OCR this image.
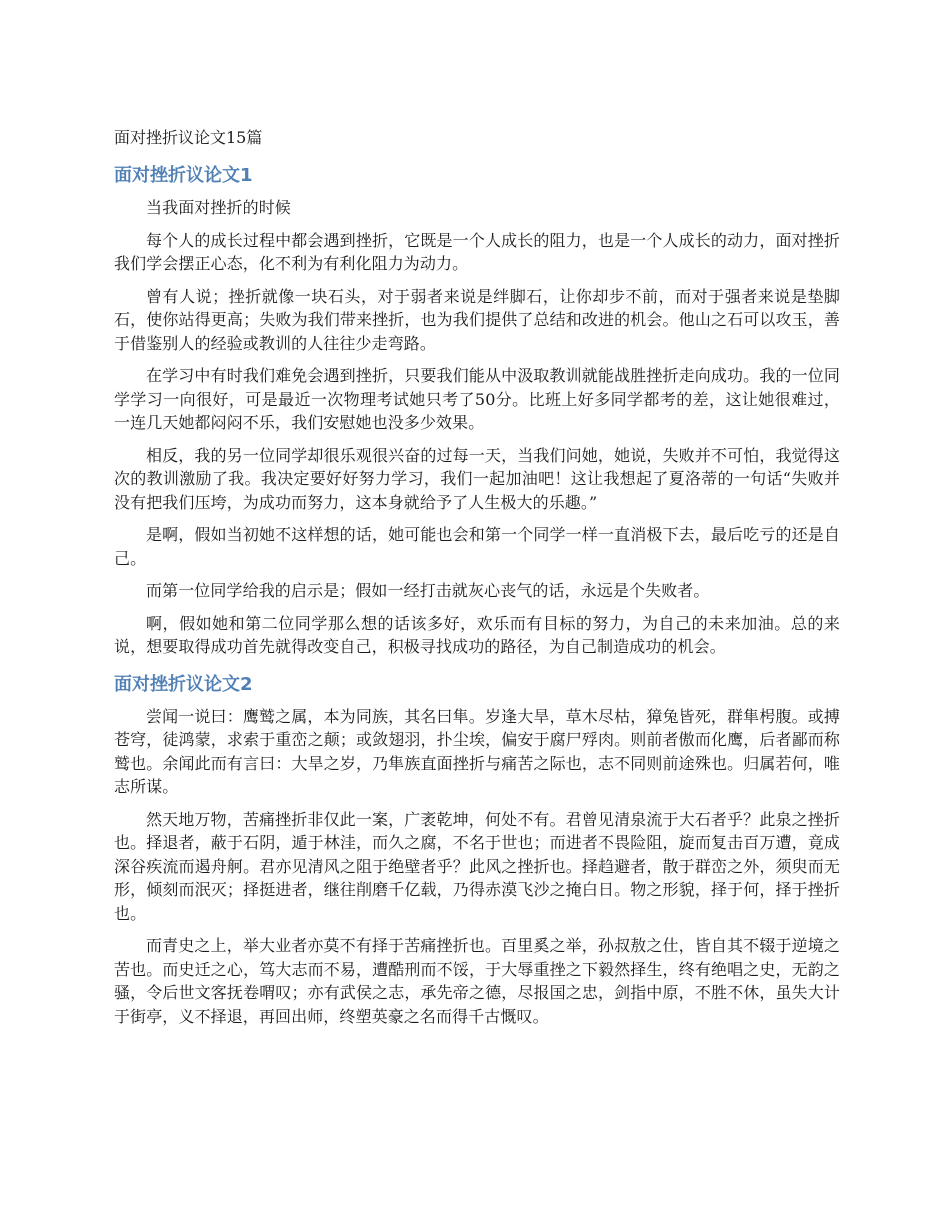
面对挫折议论文15篇

面对挫折议论文1

当我面对挫折的时候

每个人的成长过程中都会遇到挫折，它既是一个人成长的阻力，也是一个人成长的动力，面对挫折我们学会摆正心态，化不利为有利化阻力为动力。

曾有人说；挫折就像一块石头，对于弱者来说是绊脚石，让你却步不前，而对于强者来说是垫脚石，使你站得更高；失败为我们带来挫折，也为我们提供了总结和改进的机会。他山之石可以攻玉，善于借鉴别人的经验或教训的人往往少走弯路。

在学习中有时我们难免会遇到挫折，只要我们能从中汲取教训就能战胜挫折走向成功。我的一位同学学习一向很好，可是最近一次物理考试她只考了50分。比班上好多同学都考的差，这让她很难过，一连几天她都闷闷不乐，我们安慰她也没多少效果。

相反，我的另一位同学却很乐观很兴奋的过每一天，当我们问她，她说，失败并不可怕，我觉得这次的教训激励了我。我决定要好好努力学习，我们一起加油吧！这让我想起了夏洛蒂的一句话“失败并没有把我们压垮，为成功而努力，这本身就给予了人生极大的乐趣。”

是啊，假如当初她不这样想的话，她可能也会和第一个同学一样一直消极下去，最后吃亏的还是自己。

而第一位同学给我的启示是；假如一经打击就灰心丧气的话，永远是个失败者。

啊，假如她和第二位同学那么想的话该多好，欢乐而有目标的努力，为自己的未来加油。总的来说，想要取得成功首先就得改变自己，积极寻找成功的路径，为自己制造成功的机会。

面对挫折议论文2

尝闻一说曰：鹰鹫之属，本为同族，其名曰隼。岁逢大旱，草木尽枯，獐兔皆死，群隼枵腹。或搏苍穹，徒鸿蒙，求索于重峦之颠；或敛翅羽，扑尘埃，偏安于腐尸殍肉。则前者傲而化鹰，后者鄙而称鹫也。余闻此而有言曰：大旱之岁，乃隼族直面挫折与痛苦之际也，志不同则前途殊也。归属若何，唯志所谋。

然天地万物，苦痛挫折非仅此一案，广袤乾坤，何处不有。君曾见清泉流于大石者乎？此泉之挫折也。择退者，蔽于石阴，遁于林洼，而久之腐，不名于世也；而进者不畏险阻，旋而复击百万遭，竟成深谷疾流而遏舟舸。君亦见清风之阻于绝壁者乎？此风之挫折也。择趋避者，散于群峦之外，须臾而无形，倾刻而泯灭；择挺进者，继往削磨千亿载，乃得赤漠飞沙之掩白日。物之形貌，择于何，择于挫折也。

而青史之上，举大业者亦莫不有择于苦痛挫折也。百里奚之举，孙叔敖之仕，皆自其不辍于逆境之苦也。而史迁之心，笃大志而不易，遭酷刑而不馁，于大辱重挫之下毅然择生，终有绝唱之史，无韵之骚，令后世文客抚卷喟叹；亦有武侯之志，承先帝之德，尽报国之忠，剑指中原，不胜不休，虽失大计于街亭，义不择退，再回出师，终塑英豪之名而得千古慨叹。
